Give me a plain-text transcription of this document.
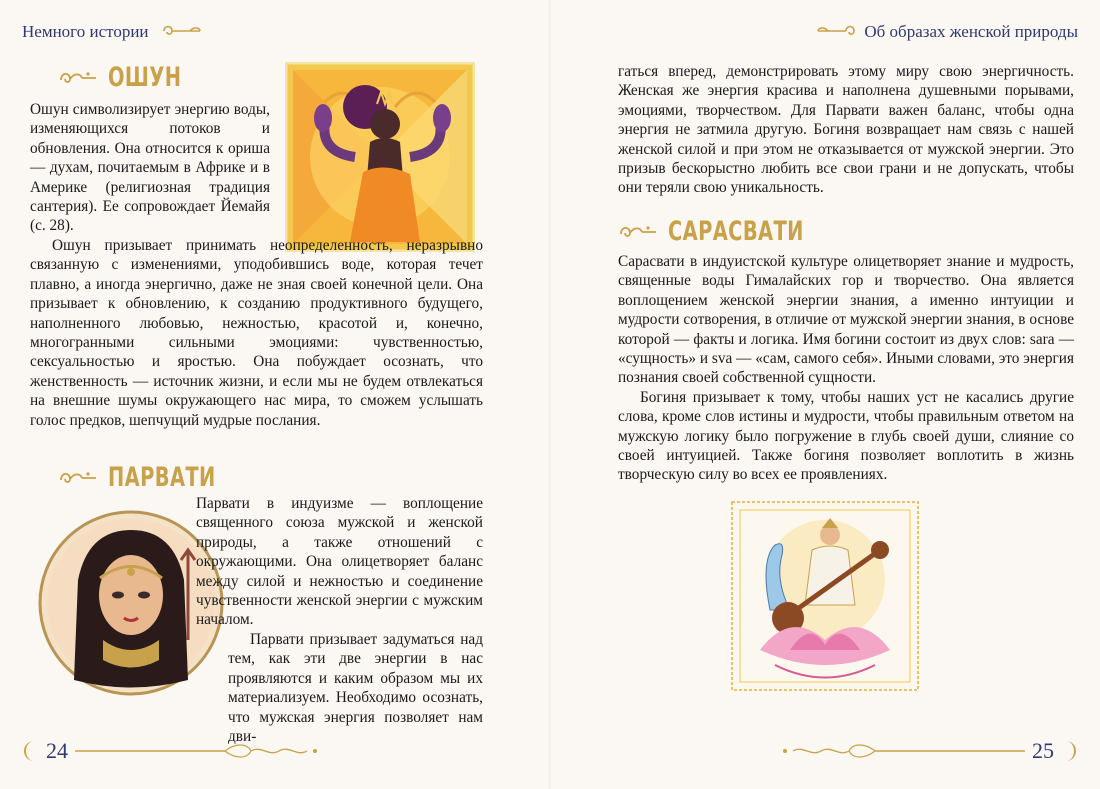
Немного истории
ОШУН

Ошун символизирует энергию воды, изменяющихся потоков и обновления. Она относится к ориша — духам, почитаемым в Африке и в Америке (религиозная традиция сантерия). Ее сопровождает Йемайя (с. 28).

Ошун призывает принимать неопределенность, неразрывно связанную с изменениями, уподобившись воде, которая течет плавно, а иногда энергично, даже не зная своей конечной цели. Она призывает к обновлению, к созданию продуктивного будущего, наполненного любовью, нежностью, красотой и, конечно, многогранными сильными эмоциями: чувственностью, сексуальностью и яростью. Она побуждает осознать, что женственность — источник жизни, и если мы не будем отвлекаться на внешние шумы окружающего нас мира, то сможем услышать голос предков, шепчущий мудрые послания.

ПАРВАТИ

Парвати в индуизме — воплощение священного союза мужской и женской природы, а также отношений с окружающими. Она олицетворяет баланс между силой и нежностью и соединение чувственности женской энергии с мужским началом.

Парвати призывает задуматься над тем, как эти две энергии в нас проявляются и каким образом мы их материализуем. Необходимо осознать, что мужская энергия позволяет нам дви-

24
Об образах женской природы

гаться вперед, демонстрировать этому миру свою энергичность. Женская же энергия красива и наполнена душевными порывами, эмоциями, творчеством. Для Парвати важен баланс, чтобы одна энергия не затмила другую. Богиня возвращает нам связь с нашей женской силой и при этом не отказывается от мужской энергии. Это призыв бескорыстно любить все свои грани и не допускать, чтобы они теряли свою уникальность.

САРАСВАТИ

Сарасвати в индуистской культуре олицетворяет знание и мудрость, священные воды Гималайских гор и творчество. Она является воплощением женской энергии знания, а именно интуиции и мудрости сотворения, в отличие от мужской энергии знания, в основе которой — факты и логика. Имя богини состоит из двух слов: sara — «сущность» и sva — «сам, самого себя». Иными словами, это энергия познания своей собственной сущности.

Богиня призывает к тому, чтобы наших уст не касались другие слова, кроме слов истины и мудрости, чтобы правильным ответом на мужскую логику было погружение в глубь своей души, слияние со своей интуицией. Также богиня позволяет воплотить в жизнь творческую силу во всех ее проявлениях.

25
